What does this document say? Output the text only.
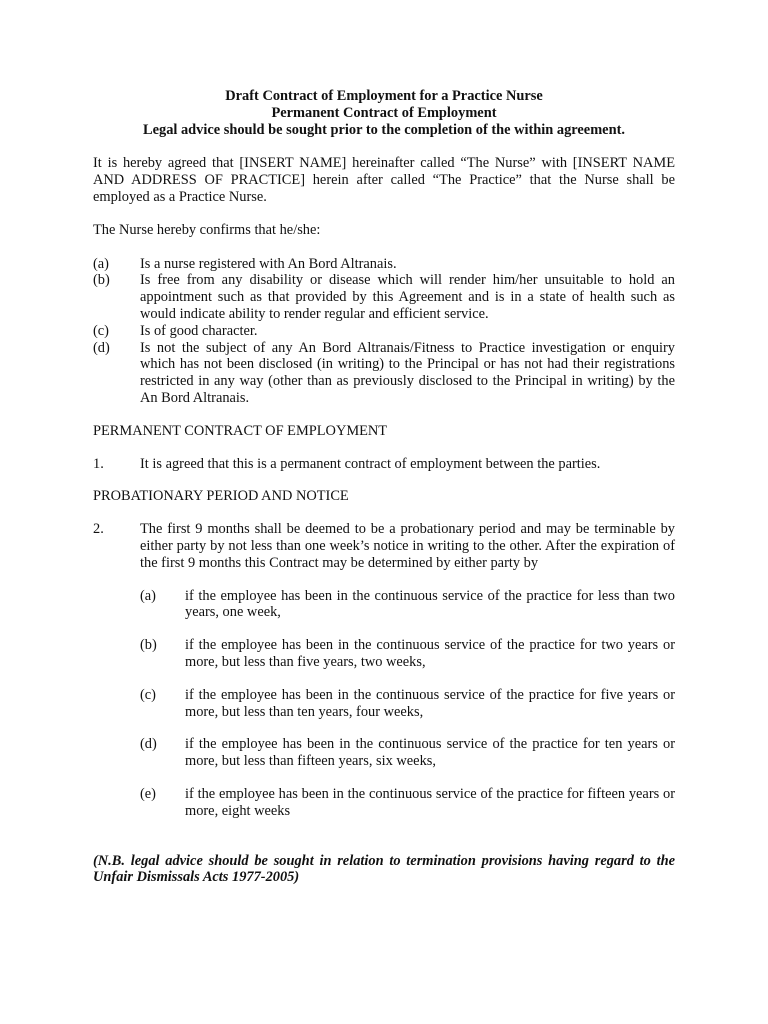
Draft Contract of Employment for a Practice Nurse

Permanent Contract of Employment

Legal advice should be sought prior to the completion of the within agreement.

It is hereby agreed that [INSERT NAME] hereinafter called “The Nurse” with [INSERT NAME AND ADDRESS OF PRACTICE] herein after called “The Practice” that the Nurse shall be employed as a Practice Nurse.

The Nurse hereby confirms that he/she:

(a) Is a nurse registered with An Bord Altranais.
(b) Is free from any disability or disease which will render him/her unsuitable to hold an appointment such as that provided by this Agreement and is in a state of health such as would indicate ability to render regular and efficient service.
(c) Is of good character.
(d) Is not the subject of any An Bord Altranais/Fitness to Practice investigation or enquiry which has not been disclosed (in writing) to the Principal or has not had their registrations restricted in any way (other than as previously disclosed to the Principal in writing) by the An Bord Altranais.

PERMANENT CONTRACT OF EMPLOYMENT

1.	It is agreed that this is a permanent contract of employment between the parties.

PROBATIONARY PERIOD AND NOTICE

2.	The first 9 months shall be deemed to be a probationary period and may be terminable by either party by not less than one week’s notice in writing to the other. After the expiration of the first 9 months this Contract may be determined by either party by
(a) if the employee has been in the continuous service of the practice for less than two years, one week,
(b) if the employee has been in the continuous service of the practice for two years or more, but less than five years, two weeks,
(c) if the employee has been in the continuous service of the practice for five years or more, but less than ten years, four weeks,
(d) if the employee has been in the continuous service of the practice for ten years or more, but less than fifteen years, six weeks,
(e) if the employee has been in the continuous service of the practice for fifteen years or more, eight weeks

(N.B. legal advice should be sought in relation to termination provisions having regard to the Unfair Dismissals Acts 1977-2005)
